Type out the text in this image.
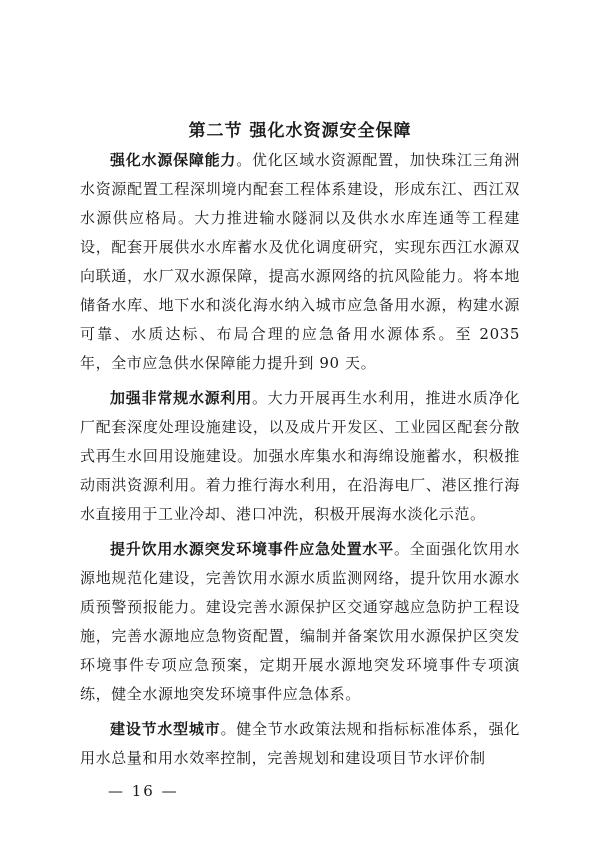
第二节 强化水资源安全保障

强化水源保障能力。优化区域水资源配置，加快珠江三角洲水资源配置工程深圳境内配套工程体系建设，形成东江、西江双水源供应格局。大力推进输水隧洞以及供水水库连通等工程建设，配套开展供水水库蓄水及优化调度研究，实现东西江水源双向联通，水厂双水源保障，提高水源网络的抗风险能力。将本地储备水库、地下水和淡化海水纳入城市应急备用水源，构建水源可靠、水质达标、布局合理的应急备用水源体系。至 2035 年，全市应急供水保障能力提升到 90 天。

加强非常规水源利用。大力开展再生水利用，推进水质净化厂配套深度处理设施建设，以及成片开发区、工业园区配套分散式再生水回用设施建设。加强水库集水和海绵设施蓄水，积极推动雨洪资源利用。着力推行海水利用，在沿海电厂、港区推行海水直接用于工业冷却、港口冲洗，积极开展海水淡化示范。

提升饮用水源突发环境事件应急处置水平。全面强化饮用水源地规范化建设，完善饮用水源水质监测网络，提升饮用水源水质预警预报能力。建设完善水源保护区交通穿越应急防护工程设施，完善水源地应急物资配置，编制并备案饮用水源保护区突发环境事件专项应急预案，定期开展水源地突发环境事件专项演练，健全水源地突发环境事件应急体系。

建设节水型城市。健全节水政策法规和指标标准体系，强化用水总量和用水效率控制，完善规划和建设项目节水评价制

— 16 —
